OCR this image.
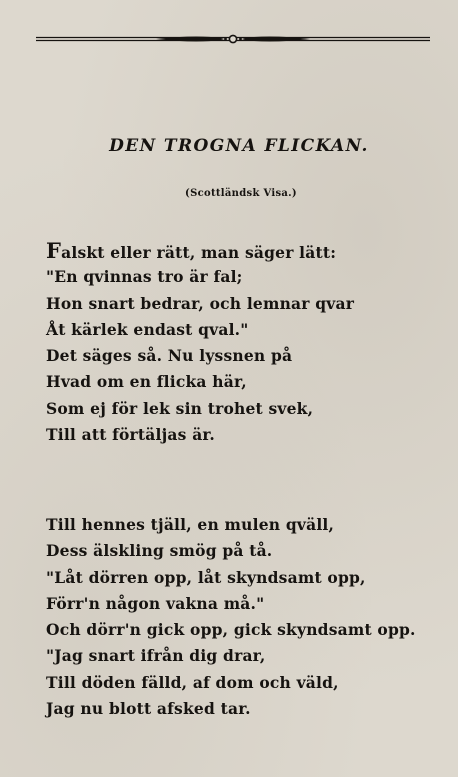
DEN TROGNA FLICKAN.
(Scottländsk Visa.)
Falskt eller rätt, man säger lätt:
"En qvinnas tro är fal;
Hon snart bedrar, och lemnar qvar
Åt kärlek endast qval."
Det säges så. Nu lyssnen på
Hvad om en flicka här,
Som ej för lek sin trohet svek,
Till att förtäljas är.
Till hennes tjäll, en mulen qväll,
Dess älskling smög på tå.
"Låt dörren opp, låt skyndsamt opp,
Förr'n någon vakna må."
Och dörr'n gick opp, gick skyndsamt opp.
"Jag snart ifrån dig drar,
Till döden fälld, af dom och väld,
Jag nu blott afsked tar.
